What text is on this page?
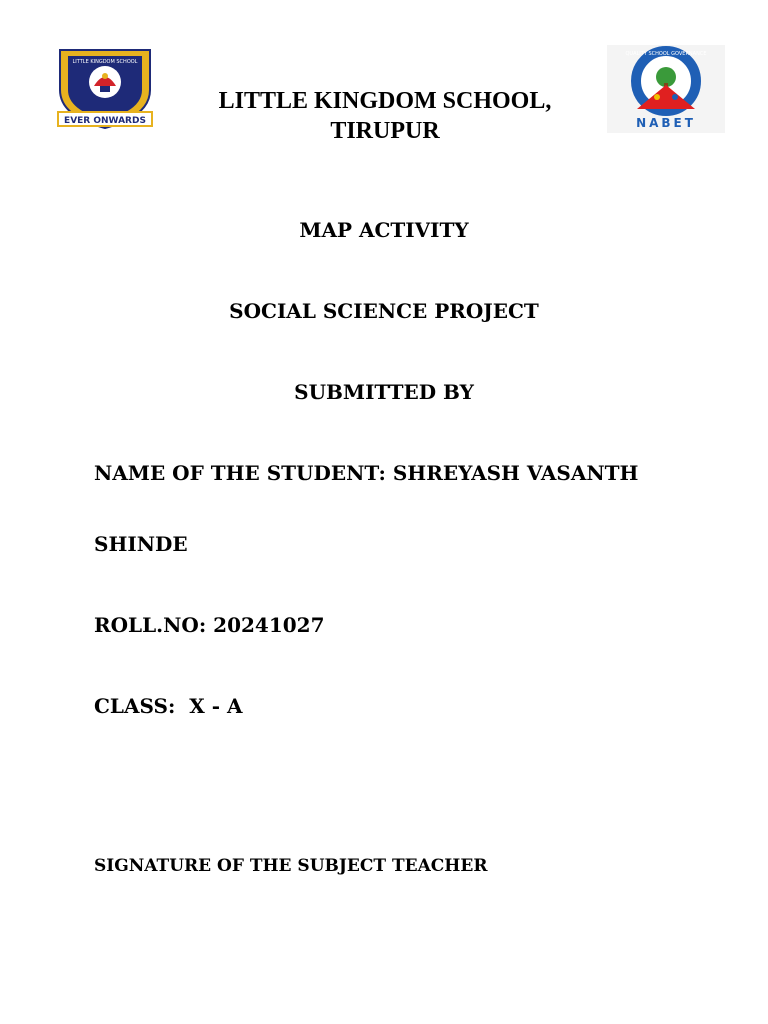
LITTLE KINGDOM SCHOOL
EVER ONWARDS
QUALITY SCHOOL GOVERNANCE
NABET
LITTLE KINGDOM SCHOOL,
TIRUPUR
MAP ACTIVITY
SOCIAL SCIENCE PROJECT
SUBMITTED BY
NAME OF THE STUDENT: SHREYASH VASANTH
SHINDE
ROLL.NO: 20241027
CLASS:  X - A
SIGNATURE OF THE SUBJECT TEACHER
